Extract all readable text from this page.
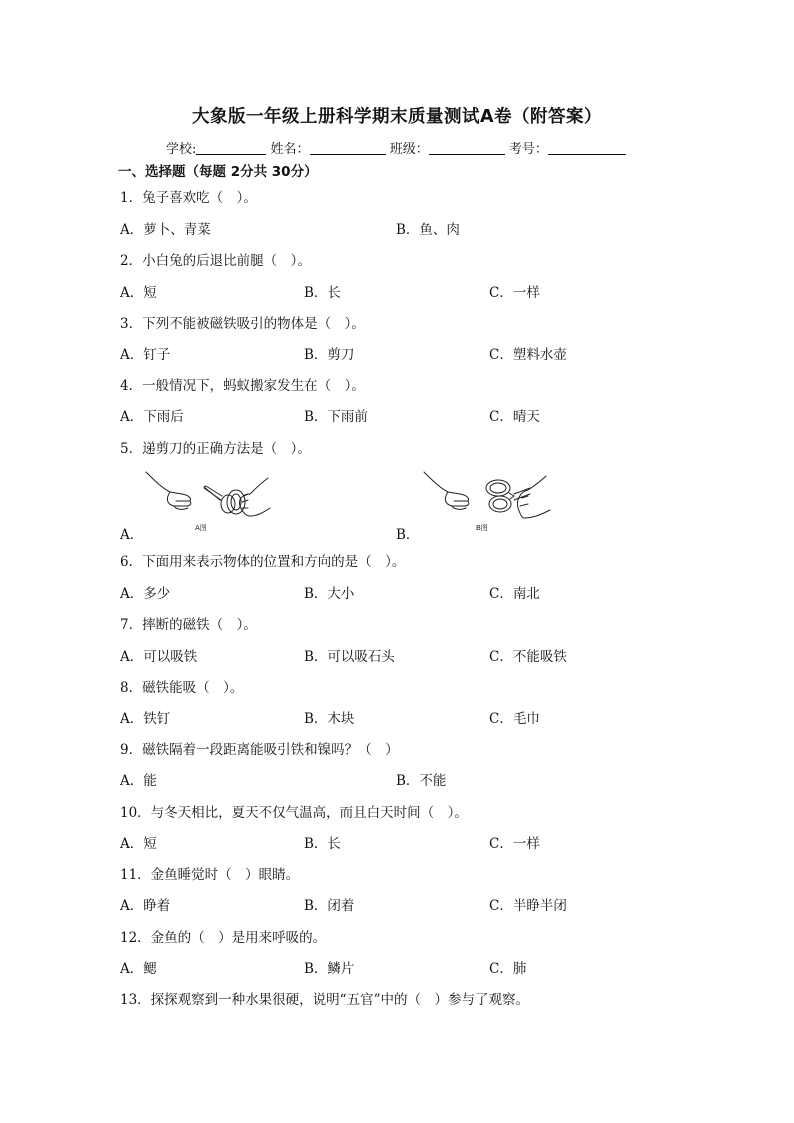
大象版一年级上册科学期末质量测试A卷（附答案）
学校:	姓名：	班级：	考号：
一、选择题（每题 2分共 30分）
1．兔子喜欢吃（　）。
A．萝卜、青菜	B．鱼、肉
2．小白兔的后退比前腿（　）。
A．短	B．长	C．一样
3．下列不能被磁铁吸引的物体是（　）。
A．钉子	B．剪刀	C．塑料水壶
4．一般情况下，蚂蚁搬家发生在（　）。
A．下雨后	B．下雨前	C．晴天
5．递剪刀的正确方法是（　）。
A图
A．	B图
B．
6．下面用来表示物体的位置和方向的是（　）。
A．多少	B．大小	C．南北
7．摔断的磁铁（　）。
A．可以吸铁	B．可以吸石头	C．不能吸铁
8．磁铁能吸（　）。
A．铁钉	B．木块	C．毛巾
9．磁铁隔着一段距离能吸引铁和镍吗？（　）
A．能	B．不能
10．与冬天相比，夏天不仅气温高，而且白天时间（　）。
A．短	B．长	C．一样
11．金鱼睡觉时（　）眼睛。
A．睁着	B．闭着	C．半睁半闭
12．金鱼的（　）是用来呼吸的。
A．鳃	B．鳞片	C．肺
13．探探观察到一种水果很硬，说明“五官”中的（　）参与了观察。
